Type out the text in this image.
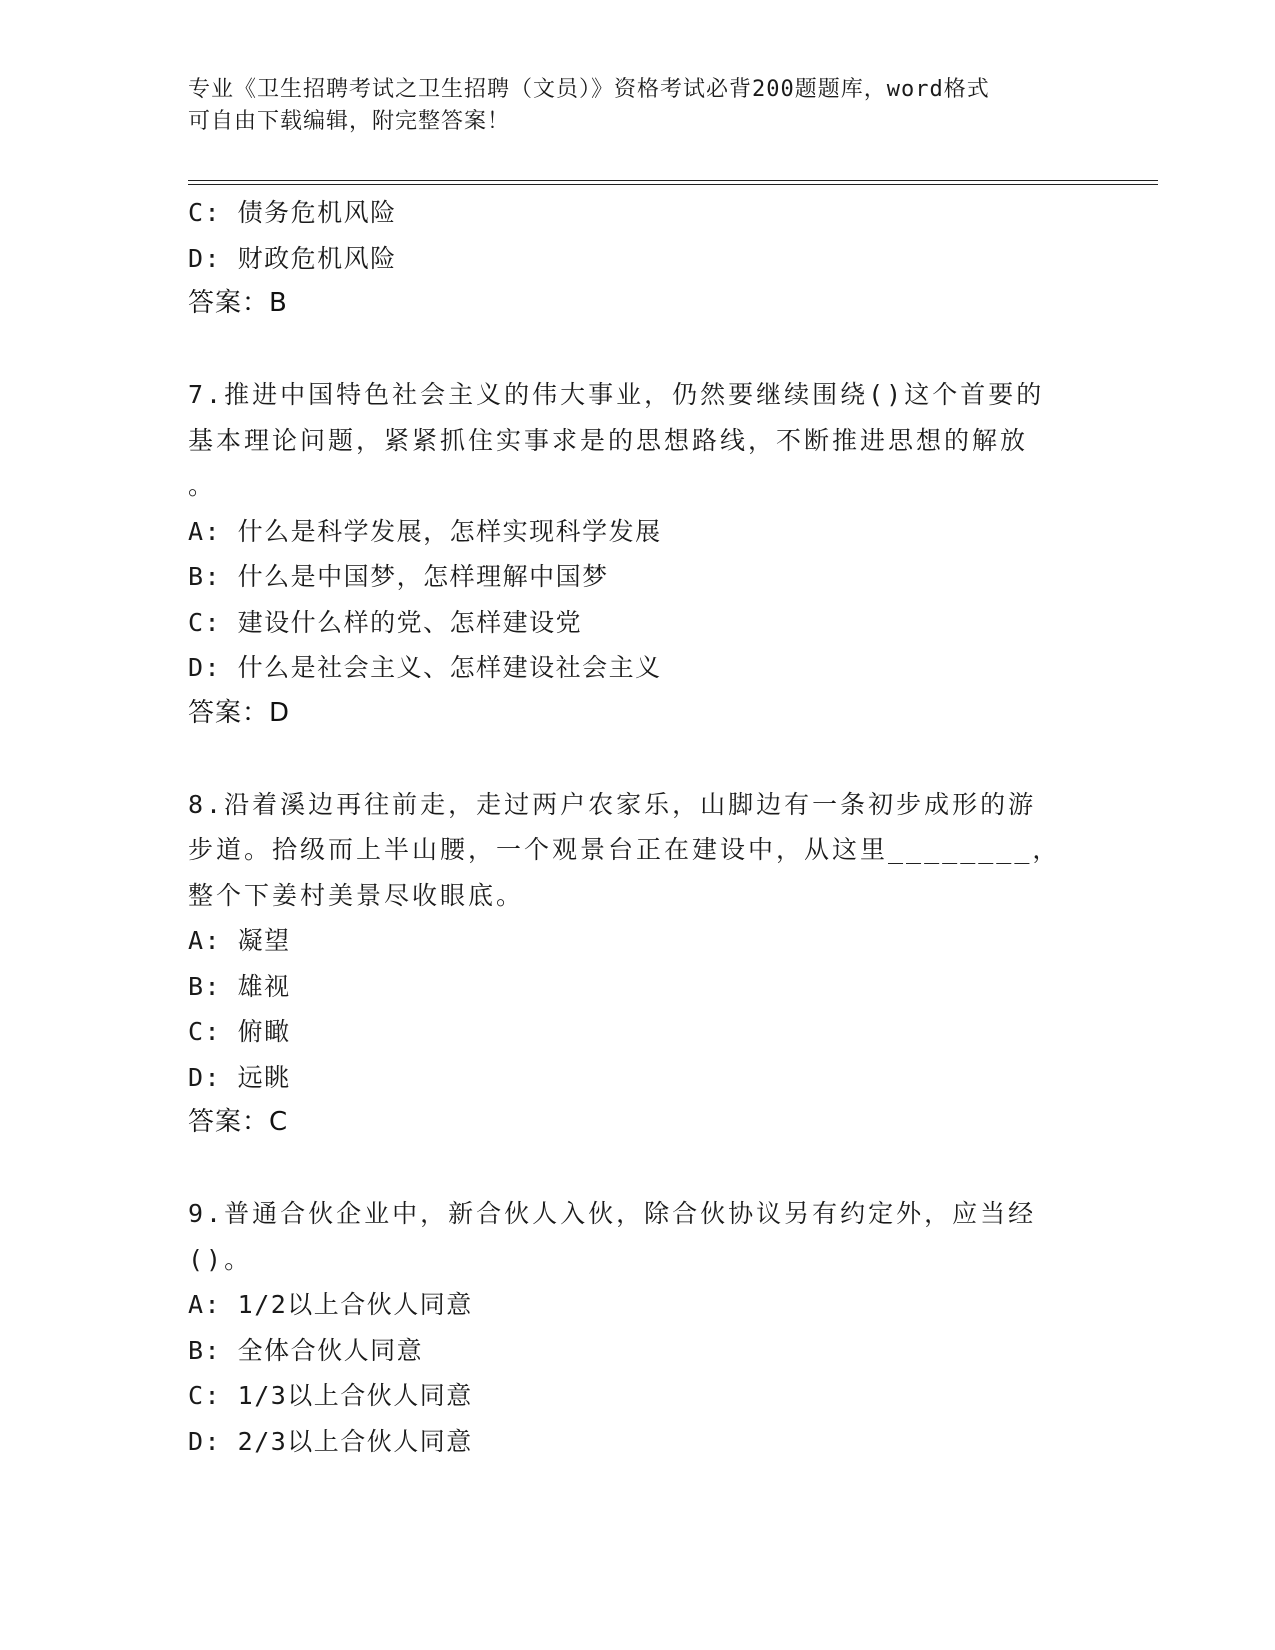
专业《卫生招聘考试之卫生招聘（文员）》资格考试必背200题题库，word格式
可自由下载编辑，附完整答案！
C: 债务危机风险
D: 财政危机风险
答案：B
7.推进中国特色社会主义的伟大事业，仍然要继续围绕()这个首要的
基本理论问题，紧紧抓住实事求是的思想路线，不断推进思想的解放
。
A: 什么是科学发展，怎样实现科学发展
B: 什么是中国梦，怎样理解中国梦
C: 建设什么样的党、怎样建设党
D: 什么是社会主义、怎样建设社会主义
答案：D
8.沿着溪边再往前走，走过两户农家乐，山脚边有一条初步成形的游
步道。拾级而上半山腰，一个观景台正在建设中，从这里________，
整个下姜村美景尽收眼底。
A: 凝望
B: 雄视
C: 俯瞰
D: 远眺
答案：C
9.普通合伙企业中，新合伙人入伙，除合伙协议另有约定外，应当经
()。
A: 1/2以上合伙人同意
B: 全体合伙人同意
C: 1/3以上合伙人同意
D: 2/3以上合伙人同意
